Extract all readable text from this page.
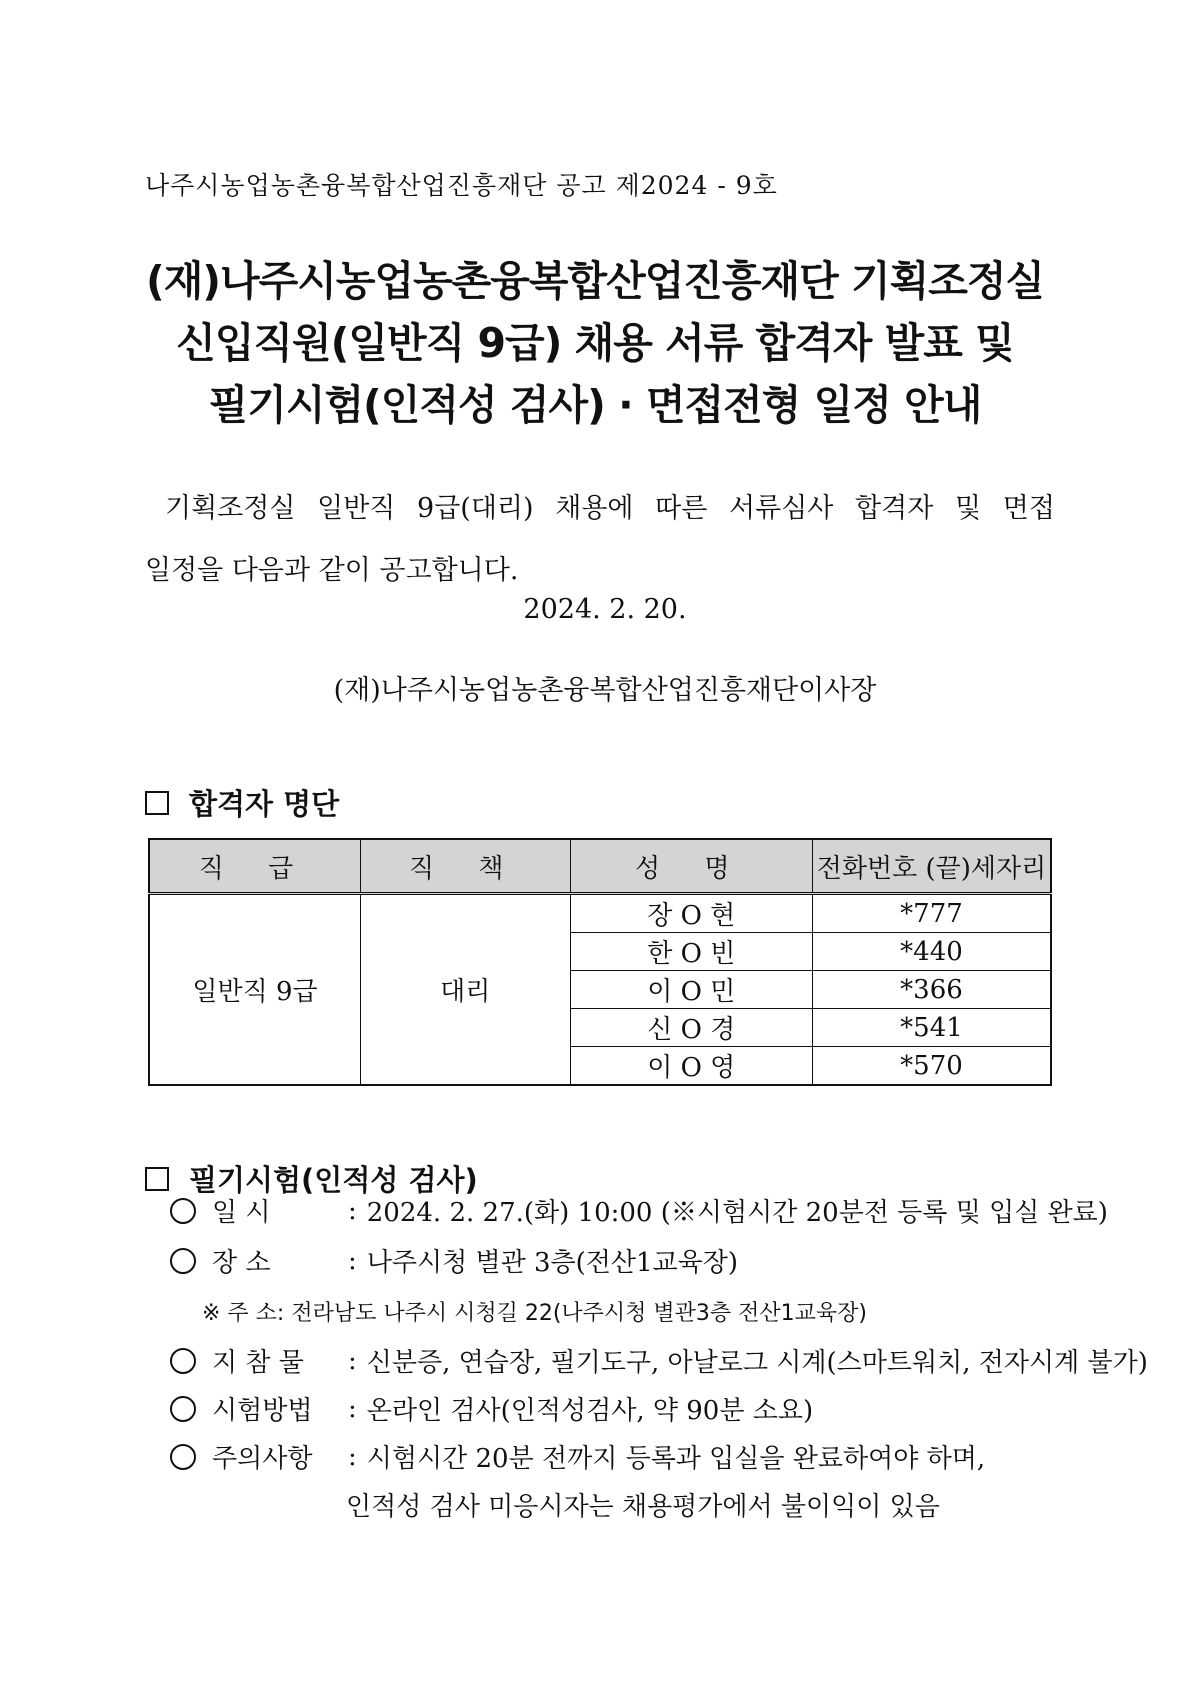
나주시농업농촌융복합산업진흥재단 공고 제2024 - 9호
(재)나주시농업농촌융복합산업진흥재단 기획조정실
신입직원(일반직 9급) 채용 서류 합격자 발표 및
필기시험(인적성 검사) · 면접전형 일정 안내
기획조정실 일반직 9급(대리) 채용에 따른 서류심사 합격자 및 면접
일정을 다음과 같이 공고합니다.
2024. 2. 20.
(재)나주시농업농촌융복합산업진흥재단이사장
합격자 명단
직 급	직 책	성 명	전화번호 (끝)세자리
일반직 9급	대리	장 O 현	*777
		한 O 빈	*440
		이 O 민	*366
		신 O 경	*541
		이 O 영	*570
필기시험(인적성 검사)
일 시	: 2024. 2. 27.(화) 10:00 (※시험시간 20분전 등록 및 입실 완료)
장 소	: 나주시청 별관 3층(전산1교육장)
※ 주 소: 전라남도 나주시 시청길 22(나주시청 별관3층 전산1교육장)
지 참 물	: 신분증, 연습장, 필기도구, 아날로그 시계(스마트워치, 전자시계 불가)
시험방법	: 온라인 검사(인적성검사, 약 90분 소요)
주의사항	: 시험시간 20분 전까지 등록과 입실을 완료하여야 하며,
인적성 검사 미응시자는 채용평가에서 불이익이 있음
